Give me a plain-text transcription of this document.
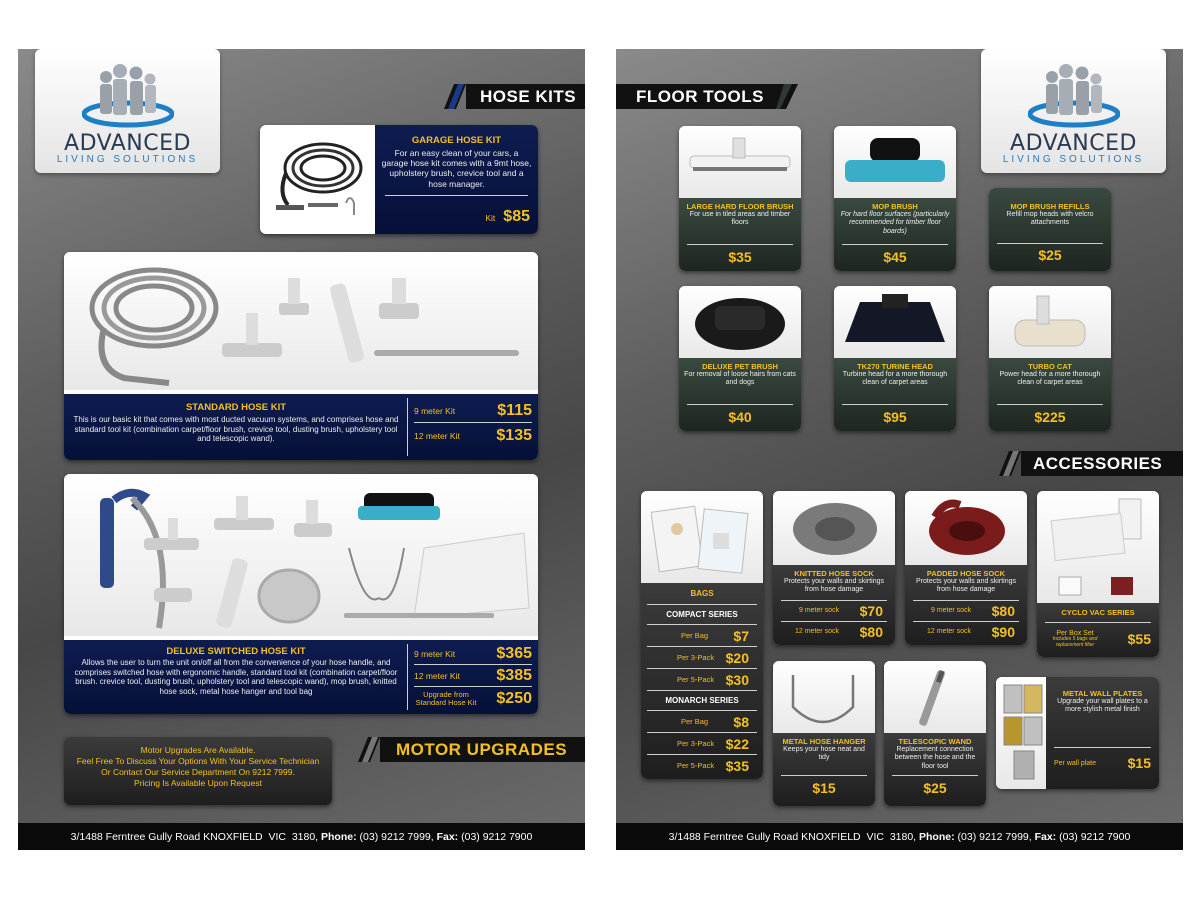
ADVANCED
LIVING SOLUTIONS
HOSE KITS
GARAGE HOSE KIT
For an easy clean of your cars, a garage hose kit comes with a 9mt hose, upholstery brush, crevice tool and a hose manager.
Kit $85
STANDARD HOSE KIT
This is our basic kit that comes with most ducted vacuum systems, and comprises hose and standard tool kit (combination carpet/floor brush, crevice tool, dusting brush, upholstery tool and telescopic wand).
9 meter Kit	$115
12 meter Kit $135
DELUXE SWITCHED HOSE KIT
Allows the user to turn the unit on/off all from the convenience of your hose handle, and comprises switched hose with ergonomic handle, standard tool kit (combination carpet/floor brush. crevice tool, dusting brush, upholstery tool and telescopic wand), mop brush, knitted hose sock, metal hose hanger and tool bag
9 meter Kit	$365
12 meter Kit $385
Upgrade from Standard Hose Kit $250
Motor Upgrades Are Available.
Feel Free To Discuss Your Options With Your Service Technician
Or Contact Our Service Department On 9212 7999.
Pricing Is Available Upon Request
MOTOR UPGRADES
3/1488 Ferntree Gully Road KNOXFIELD  VIC  3180, Phone: (03) 9212 7999, Fax: (03) 9212 7900
FLOOR TOOLS
ADVANCED
LIVING SOLUTIONS
LARGE HARD FLOOR BRUSH
For use in tiled areas and timber floors
$35
MOP BRUSH
For hard floor surfaces (particularly recommended for timber floor boards)
$45
MOP BRUSH REFILLS
Refill mop heads with velcro attachments
$25
DELUXE PET BRUSH
For removal of loose hairs from cats and dogs
$40
TK270 TURINE HEAD
Turbine head for a more thorough clean of carpet areas
$95
TURBO CAT
Power head for a more thorough clean of carpet areas
$225
ACCESSORIES
BAGS
COMPACT SERIES
Per Bag $7
Per 3-Pack $20
Per 5-Pack $30
MONARCH SERIES
Per Bag $8
Per 3-Pack $22
Per 5-Pack $35
KNITTED HOSE SOCK
Protects your walls and skirtings from hose damage
9 meter sock $70
12 meter sock $80
PADDED HOSE SOCK
Protects your walls and skirtings from hose damage
9 meter sock $80
12 meter sock $90
CYCLO VAC SERIES
Per Box Set
Includes 5 bags and replacement filter	$55
METAL HOSE HANGER
Keeps your hose neat and tidy
$15
TELESCOPIC WAND
Replacement connection between the hose and the floor tool
$25
METAL WALL PLATES
Upgrade your wall plates to a more stylish metal finish
Per wall plate $15
3/1488 Ferntree Gully Road KNOXFIELD  VIC  3180, Phone: (03) 9212 7999, Fax: (03) 9212 7900
